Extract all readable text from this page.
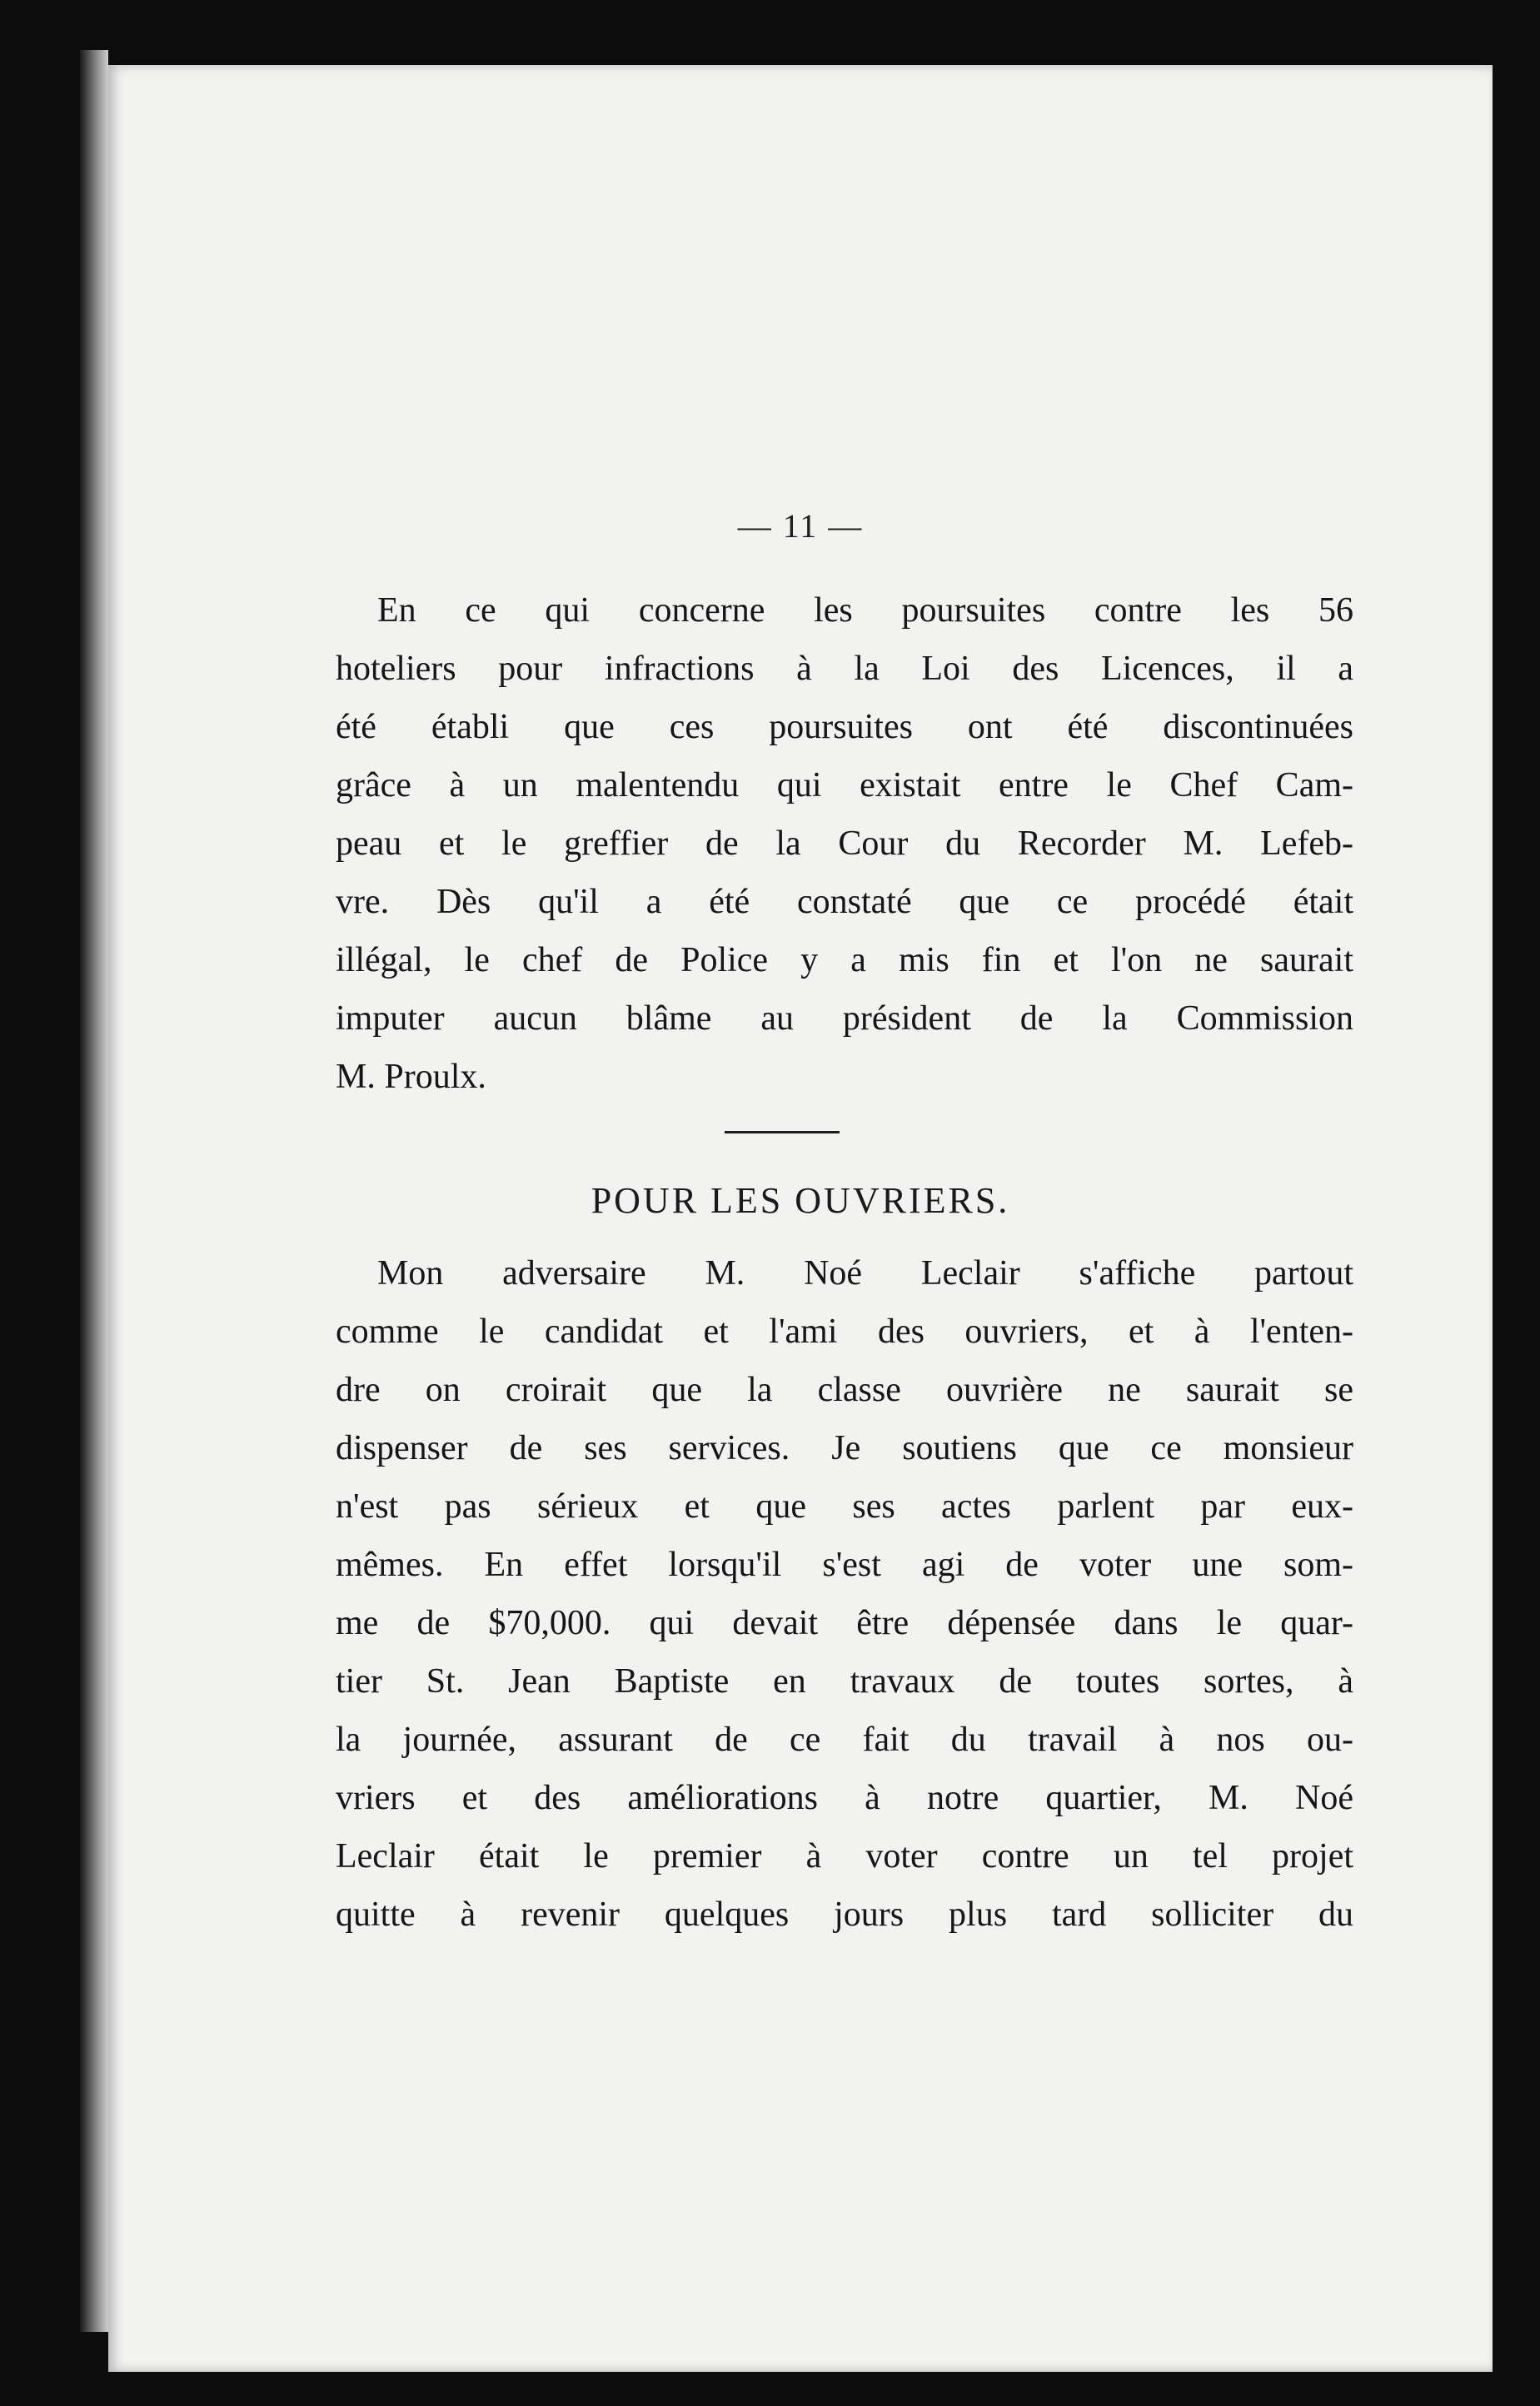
— 11 —
En ce qui concerne les poursuites contre les 56
hoteliers pour infractions à la Loi des Licences, il a
été établi que ces poursuites ont été discontinuées
grâce à un malentendu qui existait entre le Chef Cam-
peau et le greffier de la Cour du Recorder M. Lefeb-
vre. Dès qu'il a été constaté que ce procédé était
illégal, le chef de Police y a mis fin et l'on ne saurait
imputer aucun blâme au président de la Commission
M. Proulx.
POUR LES OUVRIERS.
Mon adversaire M. Noé Leclair s'affiche partout
comme le candidat et l'ami des ouvriers, et à l'enten-
dre on croirait que la classe ouvrière ne saurait se
dispenser de ses services. Je soutiens que ce monsieur
n'est pas sérieux et que ses actes parlent par eux-
mêmes. En effet lorsqu'il s'est agi de voter une som-
me de $70,000. qui devait être dépensée dans le quar-
tier St. Jean Baptiste en travaux de toutes sortes, à
la journée, assurant de ce fait du travail à nos ou-
vriers et des améliorations à notre quartier, M. Noé
Leclair était le premier à voter contre un tel projet
quitte à revenir quelques jours plus tard solliciter du
